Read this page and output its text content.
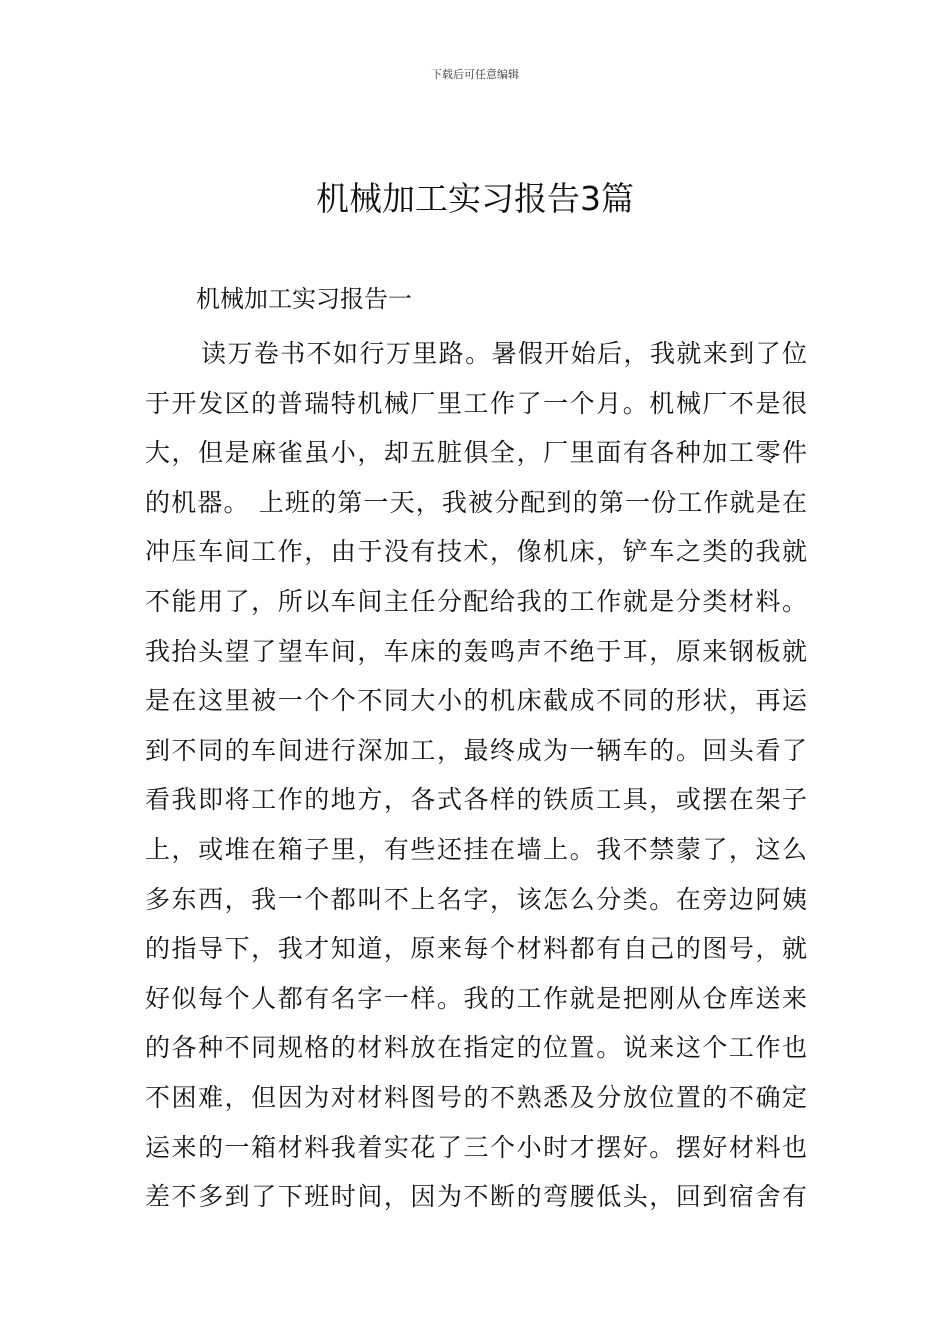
下载后可任意编辑
机械加工实习报告3篇
机械加工实习报告一
读万卷书不如行万里路。暑假开始后，我就来到了位
于开发区的普瑞特机械厂里工作了一个月。机械厂不是很
大，但是麻雀虽小，却五脏俱全，厂里面有各种加工零件
的机器。 上班的第一天，我被分配到的第一份工作就是在
冲压车间工作，由于没有技术，像机床，铲车之类的我就
不能用了，所以车间主任分配给我的工作就是分类材料。
我抬头望了望车间，车床的轰鸣声不绝于耳，原来钢板就
是在这里被一个个不同大小的机床截成不同的形状，再运
到不同的车间进行深加工，最终成为一辆车的。回头看了
看我即将工作的地方，各式各样的铁质工具，或摆在架子
上，或堆在箱子里，有些还挂在墙上。我不禁蒙了，这么
多东西，我一个都叫不上名字，该怎么分类。在旁边阿姨
的指导下，我才知道，原来每个材料都有自己的图号，就
好似每个人都有名字一样。我的工作就是把刚从仓库送来
的各种不同规格的材料放在指定的位置。说来这个工作也
不困难，但因为对材料图号的不熟悉及分放位置的不确定
运来的一箱材料我着实花了三个小时才摆好。摆好材料也
差不多到了下班时间，因为不断的弯腰低头，回到宿舍有
